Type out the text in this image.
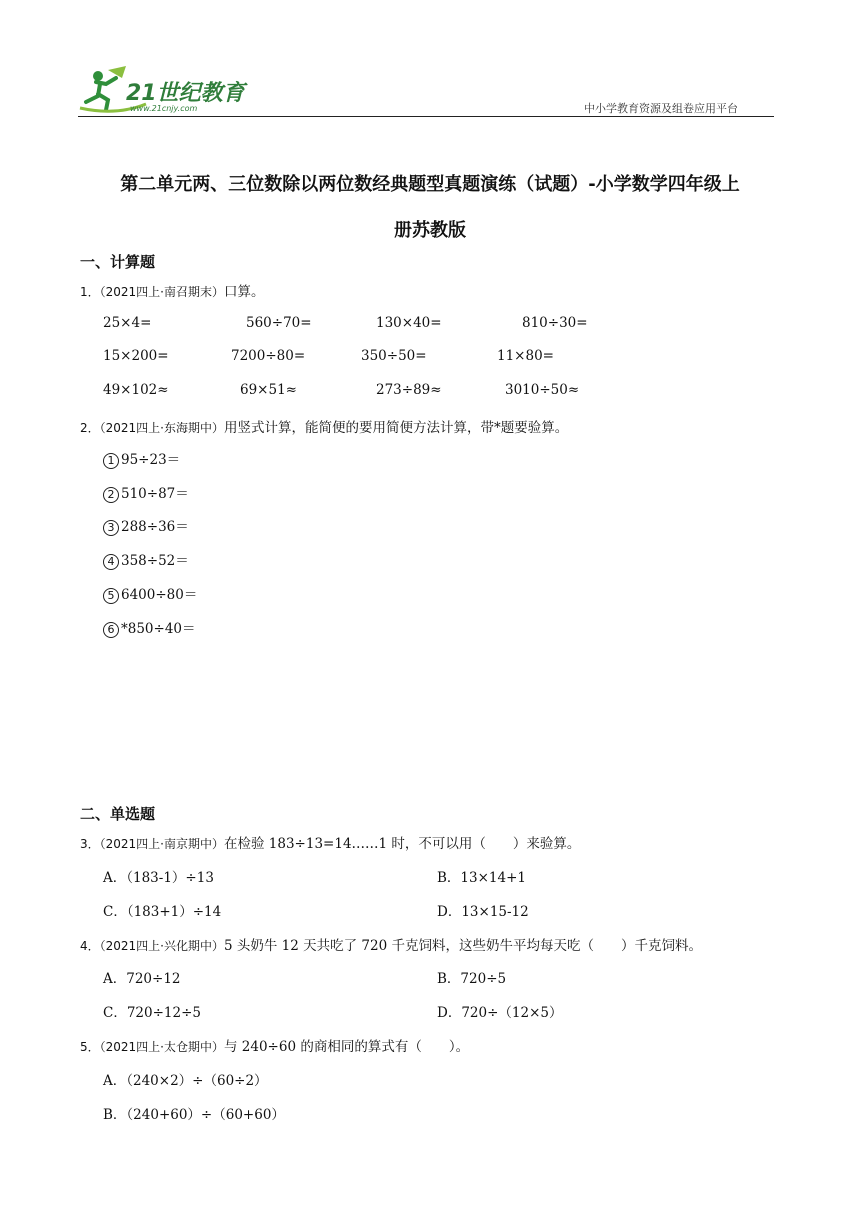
21世纪教育
www.21cnjy.com	中小学教育资源及组卷应用平台
第二单元两、三位数除以两位数经典题型真题演练（试题）-小学数学四年级上
册苏教版
一、计算题
1．（2021四上·南召期末）口算。
25×4=	560÷70=	130×40=	810÷30=
15×200=	7200÷80=	350÷50=	11×80=
49×102≈	69×51≈	273÷89≈	3010÷50≈
2．（2021四上·东海期中）用竖式计算，能简便的要用简便方法计算，带*题要验算。
1 95÷23＝
2 510÷87＝
3 288÷36＝
4 358÷52＝
5 6400÷80＝
6 *850÷40＝
二、单选题
3．（2021四上·南京期中）在检验 183÷13=14……1 时，不可以用（　　）来验算。
A．（183-1）÷13	B．13×14+1
C．（183+1）÷14	D．13×15-12
4．（2021四上·兴化期中）5 头奶牛 12 天共吃了 720 千克饲料，这些奶牛平均每天吃（　　）千克饲料。
A．720÷12	B．720÷5
C．720÷12÷5	D．720÷（12×5）
5．（2021四上·太仓期中）与 240÷60 的商相同的算式有（　　）。
A．（240×2）÷（60÷2）
B．（240+60）÷（60+60）
